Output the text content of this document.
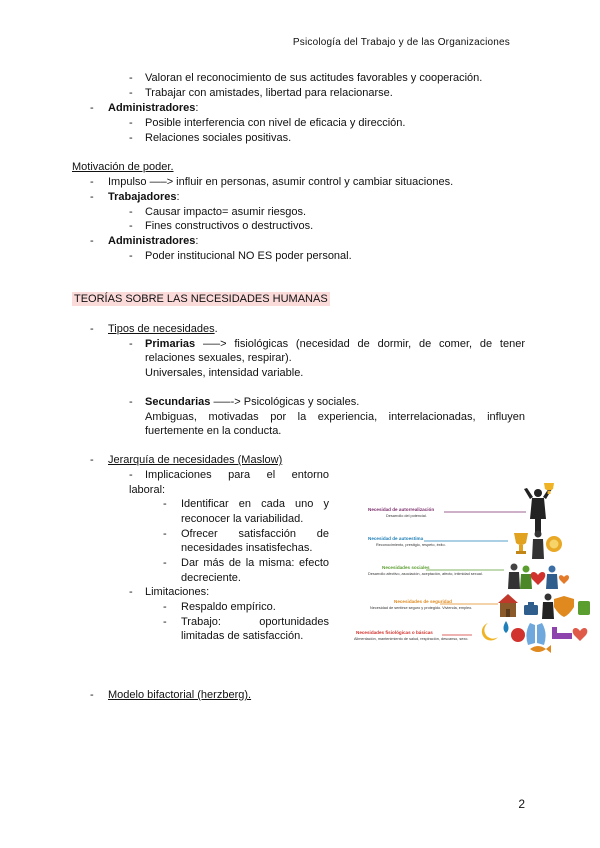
Psicología del Trabajo y de las Organizaciones
- Valoran el reconocimiento de sus actitudes favorables y cooperación.
- Trabajar con amistades, libertad para relacionarse.
- Administradores:
- Posible interferencia con nivel de eficacia y dirección.
- Relaciones sociales positivas.
Motivación de poder.
- Impulso —–> influir en personas, asumir control y cambiar situaciones.
- Trabajadores:
- Causar impacto= asumir riesgos.
- Fines constructivos o destructivos.
- Administradores:
- Poder institucional NO ES poder personal.
TEORÍAS SOBRE LAS NECESIDADES HUMANAS
- Tipos de necesidades.
- Primarias —–> fisiológicas (necesidad de dormir, de comer, de tener
relaciones sexuales, respirar).
Universales, intensidad variable.
- Secundarias —–-> Psicológicas y sociales.
Ambiguas, motivadas por la experiencia, interrelacionadas, influyen
fuertemente en la conducta.
- Jerarquía de necesidades (Maslow)
- Implicaciones para el entorno
laboral:
- Identificar en cada uno y
reconocer la variabilidad.
- Ofrecer satisfacción de
necesidades insatisfechas.
- Dar más de la misma: efecto
decreciente.
- Limitaciones:
- Respaldo empírico.
- Trabajo: oportunidades
limitadas de satisfacción.
Necesidad de autorrealización
Desarrollo del potencial.
Necesidad de autoestima
Reconocimiento, prestigio, respeto, éxito.
Necesidades sociales
Desarrollo afectivo, asociación, aceptación, afecto, intimidad sexual.
Necesidades de seguridad
Necesidad de sentirse seguro y protegido. Vivienda, empleo.
Necesidades fisiológicas o básicas
Alimentación, mantenimiento de salud, respiración, descanso, sexo.
- Modelo bifactorial (herzberg).
2
